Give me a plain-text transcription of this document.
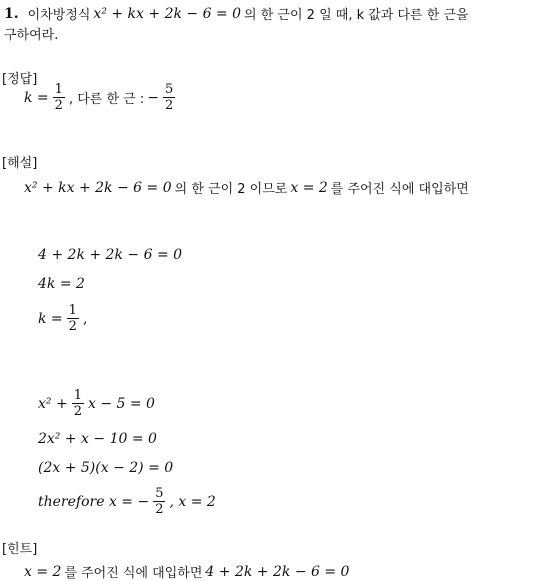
1. 이차방정식 x² + kx + 2k − 6 = 0 의 한 근이 2 일 때, k 값과 다른 한 근을
구하여라.
[정답]
$k = \frac{1}{2}$ , 다른 한 근 : − $\frac{5}{2}$
[해설]
x² + kx + 2k − 6 = 0 의 한 근이 2 이므로 x = 2 를 주어진 식에 대입하면
4 + 2k + 2k − 6 = 0
4k = 2
$k = \frac{1}{2}$ ,
$x^2 + \frac{1}{2}$ x − 5 = 0
2x² + x − 10 = 0
(2x + 5)(x − 2) = 0
therefore x = − $\frac{5}{2}$ , x = 2
[힌트]
x = 2 를 주어진 식에 대입하면 4 + 2k + 2k − 6 = 0
